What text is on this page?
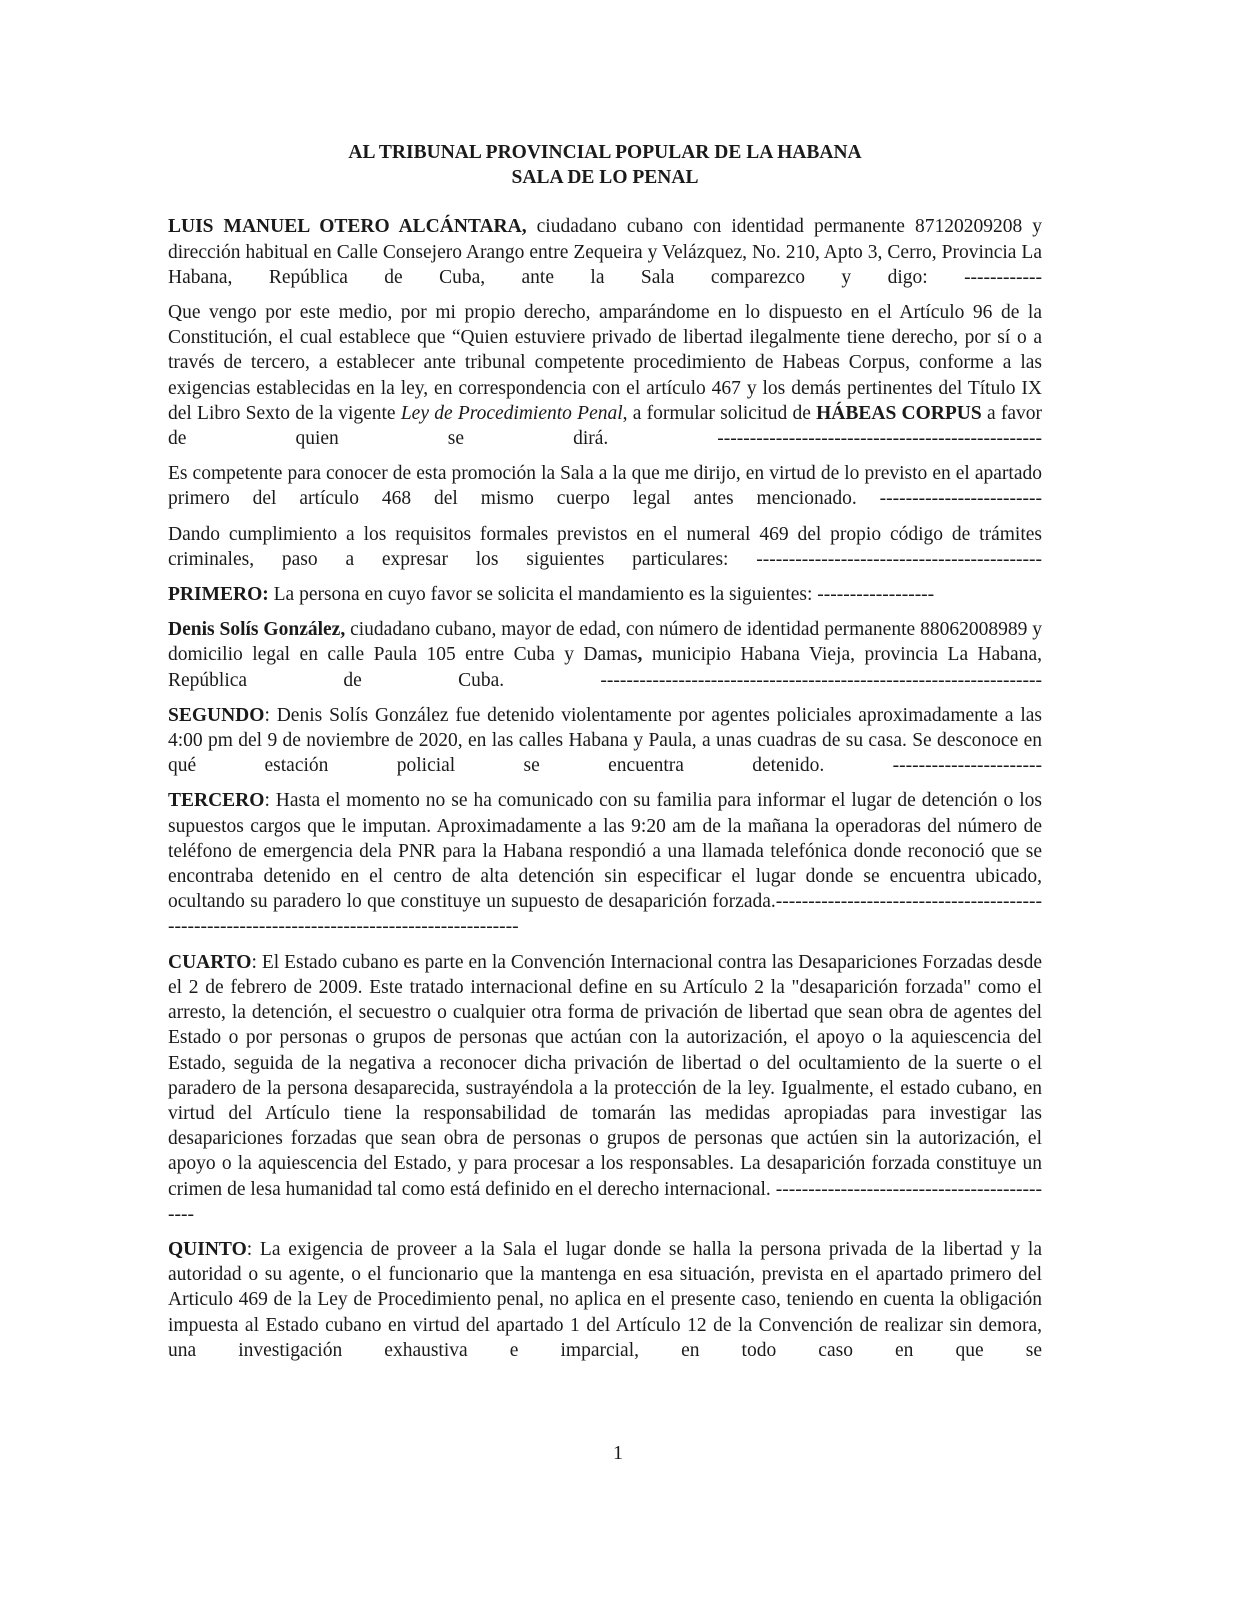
AL TRIBUNAL PROVINCIAL POPULAR DE LA HABANA
SALA DE LO PENAL

LUIS MANUEL OTERO ALCÁNTARA, ciudadano cubano con identidad permanente 87120209208 y dirección habitual en Calle Consejero Arango entre Zequeira y Velázquez, No. 210, Apto 3, Cerro, Provincia La Habana, República de Cuba, ante la Sala comparezco y digo: ------------

Que vengo por este medio, por mi propio derecho, amparándome en lo dispuesto en el Artículo 96 de la Constitución, el cual establece que “Quien estuviere privado de libertad ilegalmente tiene derecho, por sí o a través de tercero, a establecer ante tribunal competente procedimiento de Habeas Corpus, conforme a las exigencias establecidas en la ley, en correspondencia con el artículo 467 y los demás pertinentes del Título IX del Libro Sexto de la vigente Ley de Procedimiento Penal, a formular solicitud de HÁBEAS CORPUS a favor de quien se dirá. --------------------------------------------------

Es competente para conocer de esta promoción la Sala a la que me dirijo, en virtud de lo previsto en el apartado primero del artículo 468 del mismo cuerpo legal antes mencionado. -------------------------

Dando cumplimiento a los requisitos formales previstos en el numeral 469 del propio código de trámites criminales, paso a expresar los siguientes particulares: --------------------------------------------

PRIMERO: La persona en cuyo favor se solicita el mandamiento es la siguientes: ------------------

Denis Solís González, ciudadano cubano, mayor de edad, con número de identidad permanente 88062008989 y domicilio legal en calle Paula 105 entre Cuba y Damas, municipio Habana Vieja, provincia La Habana, República de Cuba. --------------------------------------------------------------------

SEGUNDO: Denis Solís González fue detenido violentamente por agentes policiales aproximadamente a las 4:00 pm del 9 de noviembre de 2020, en las calles Habana y Paula, a unas cuadras de su casa. Se desconoce en qué estación policial se encuentra detenido. -----------------------

TERCERO: Hasta el momento no se ha comunicado con su familia para informar el lugar de detención o los supuestos cargos que le imputan. Aproximadamente a las 9:20 am de la mañana la operadoras del número de teléfono de emergencia dela PNR para la Habana respondió a una llamada telefónica donde reconoció que se encontraba detenido en el centro de alta detención sin especificar el lugar donde se encuentra ubicado, ocultando su paradero lo que constituye un supuesto de desaparición forzada.-----------------------------------------------------------------------------------------------

CUARTO: El Estado cubano es parte en la Convención Internacional contra las Desapariciones Forzadas desde el 2 de febrero de 2009. Este tratado internacional define en su Artículo 2 la "desaparición forzada" como el arresto, la detención, el secuestro o cualquier otra forma de privación de libertad que sean obra de agentes del Estado o por personas o grupos de personas que actúan con la autorización, el apoyo o la aquiescencia del Estado, seguida de la negativa a reconocer dicha privación de libertad o del ocultamiento de la suerte o el paradero de la persona desaparecida, sustrayéndola a la protección de la ley. Igualmente, el estado cubano, en virtud del Artículo tiene la responsabilidad de tomarán las medidas apropiadas para investigar las desapariciones forzadas que sean obra de personas o grupos de personas que actúen sin la autorización, el apoyo o la aquiescencia del Estado, y para procesar a los responsables. La desaparición forzada constituye un crimen de lesa humanidad tal como está definido en el derecho internacional. ---------------------------------------------

QUINTO: La exigencia de proveer a la Sala el lugar donde se halla la persona privada de la libertad y la autoridad o su agente, o el funcionario que la mantenga en esa situación, prevista en el apartado primero del Articulo 469 de la Ley de Procedimiento penal, no aplica en el presente caso, teniendo en cuenta la obligación impuesta al Estado cubano en virtud del apartado 1 del Artículo 12 de la Convención de realizar sin demora, una investigación exhaustiva e imparcial, en todo caso en que se

1
